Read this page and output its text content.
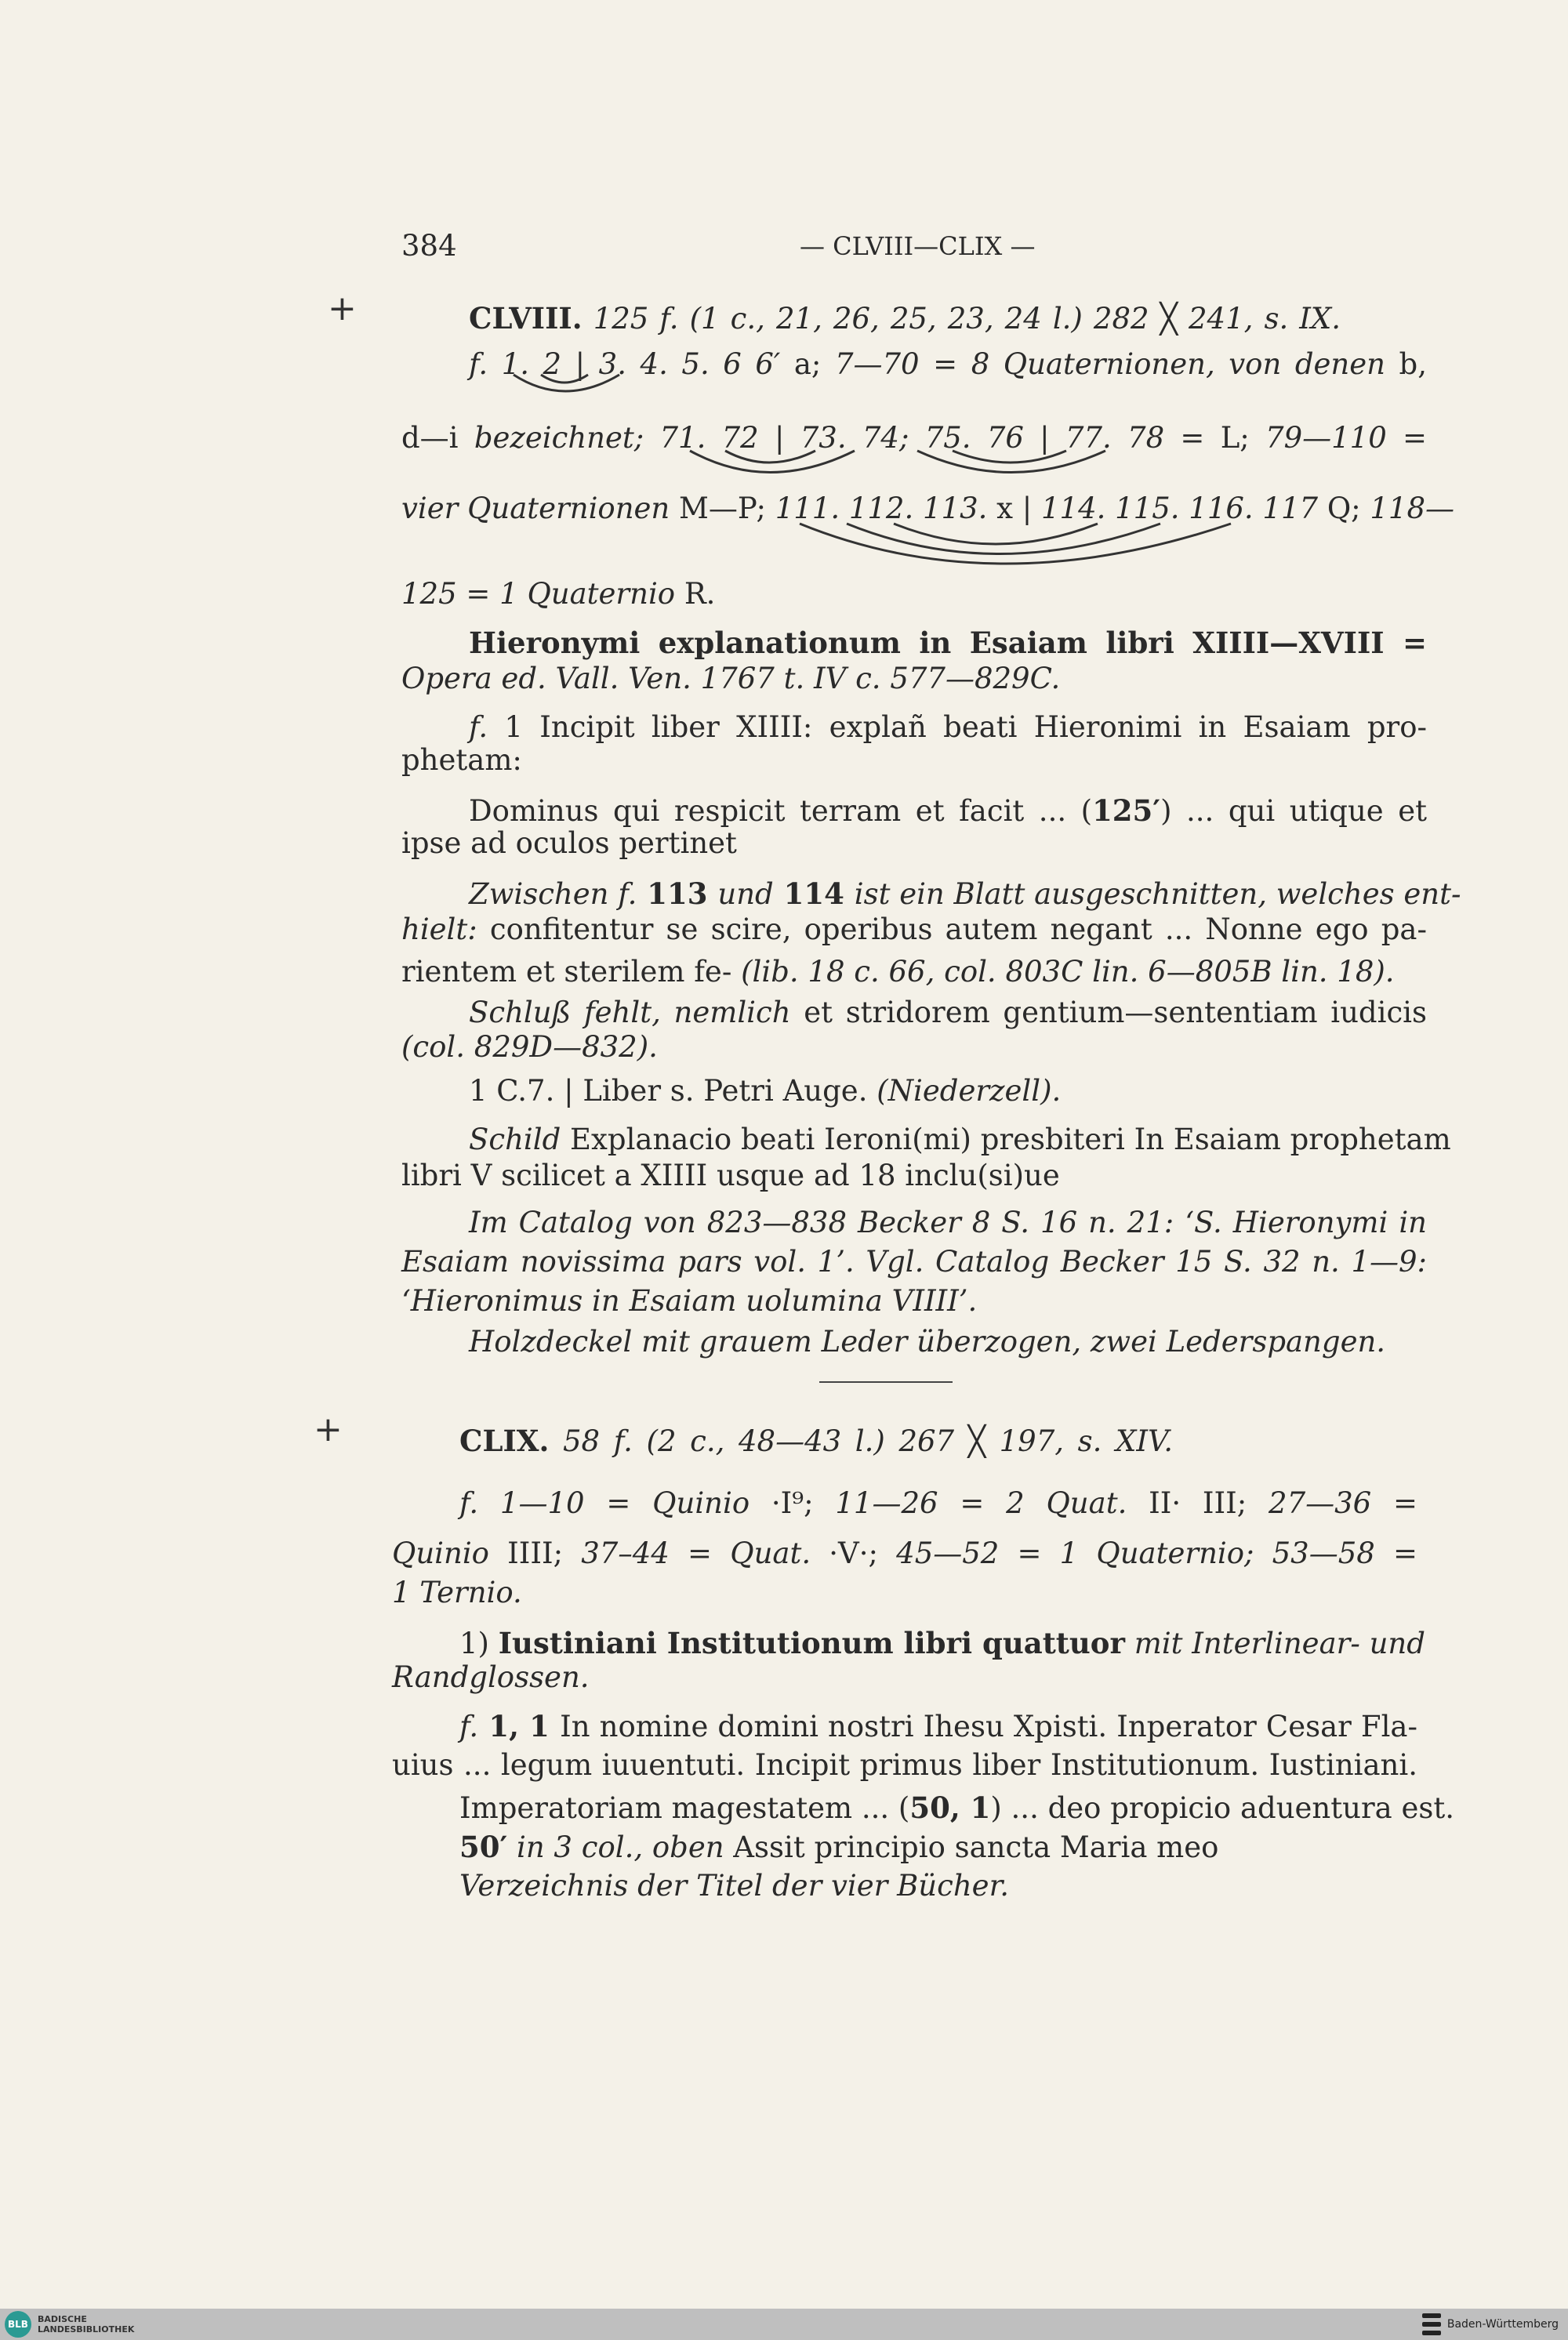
384	— CLVIII—CLIX —
+
+
CLVIII. 125 f. (1 c., 21, 26, 25, 23, 24 l.) 282 ╳ 241, s. IX.
f. 1. 2 | 3. 4. 5. 6 6′ a; 7—70 = 8 Quaternionen, von denen b,
d—i bezeichnet; 71. 72 | 73. 74; 75. 76 | 77. 78 = L; 79—110 =
vier Quaternionen M—P; 111. 112. 113. x | 114. 115. 116. 117 Q; 118—
125 = 1 Quaternio R.
Hieronymi explanationum in Esaiam libri XIIII—XVIII =
Opera ed. Vall. Ven. 1767 t. IV c. 577—829C.
f. 1 Incipit liber XIIII: explañ beati Hieronimi in Esaiam pro-
phetam:
Dominus qui respicit terram et facit ... (125′) ... qui utique et
ipse ad oculos pertinet
Zwischen f. 113 und 114 ist ein Blatt ausgeschnitten, welches ent-
hielt: confitentur se scire, operibus autem negant ... Nonne ego pa-
rientem et sterilem fe- (lib. 18 c. 66, col. 803C lin. 6—805B lin. 18).
Schluß fehlt, nemlich et stridorem gentium—sententiam iudicis
(col. 829D—832).
1 C.7. | Liber s. Petri Auge. (Niederzell).
Schild Explanacio beati Ieroni(mi) presbiteri In Esaiam prophetam
libri V scilicet a XIIII usque ad 18 inclu(si)ue
Im Catalog von 823—838 Becker 8 S. 16 n. 21: ‘S. Hieronymi in
Esaiam novissima pars vol. 1’. Vgl. Catalog Becker 15 S. 32 n. 1—9:
‘Hieronimus in Esaiam uolumina VIIII’.
Holzdeckel mit grauem Leder überzogen, zwei Lederspangen.
CLIX. 58 f. (2 c., 48—43 l.) 267 ╳ 197, s. XIV.
f. 1—10 = Quinio ·I⁹; 11—26 = 2 Quat. II· III; 27—36 =
Quinio IIII; 37–44 = Quat. ·V·; 45—52 = 1 Quaternio; 53—58 =
1 Ternio.
1) Iustiniani Institutionum libri quattuor mit Interlinear- und
Randglossen.
f. 1, 1 In nomine domini nostri Ihesu Xpisti. Inperator Cesar Fla-
uius ... legum iuuentuti. Incipit primus liber Institutionum. Iustiniani.
Imperatoriam magestatem ... (50, 1) ... deo propicio aduentura est.
50′ in 3 col., oben Assit principio sancta Maria meo
Verzeichnis der Titel der vier Bücher.
BLB	BADISCHE
LANDESBIBLIOTHEK	Baden-Württemberg
